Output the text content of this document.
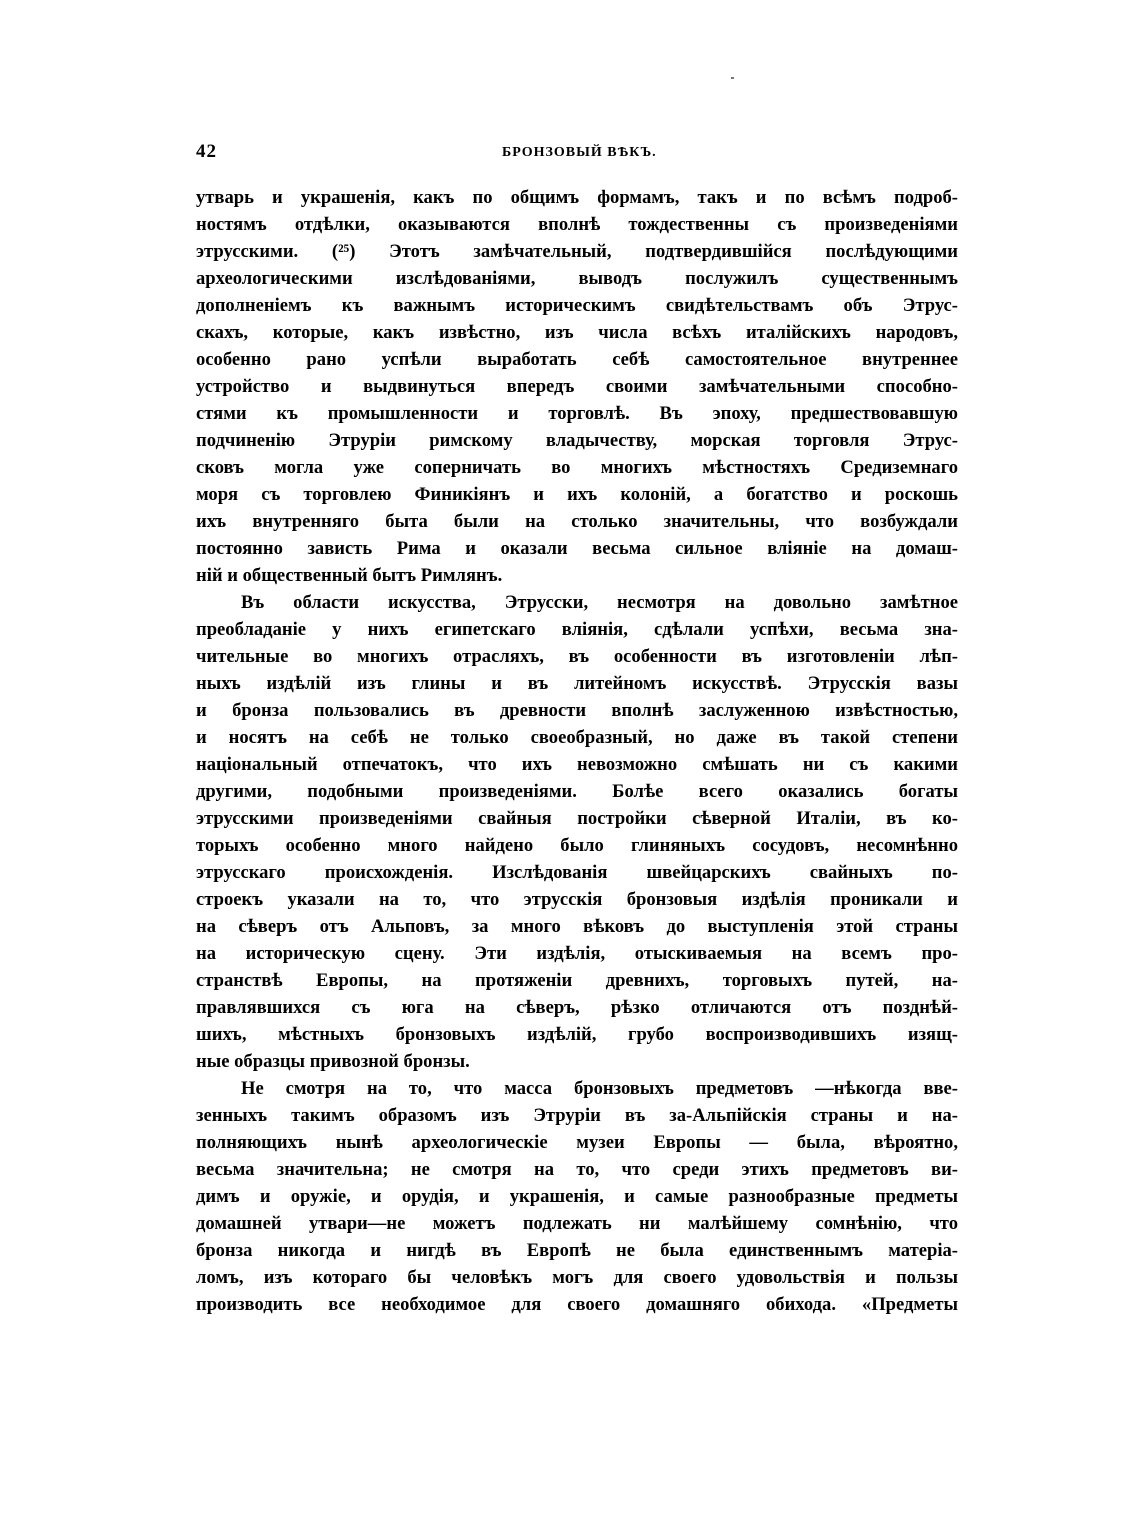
42	БРОНЗОВЫЙ ВѢКЪ.
утварь и украшенія, какъ по общимъ формамъ, такъ и по всѣмъ подроб-
ностямъ отдѣлки, оказываются вполнѣ тождественны съ произведеніями
этрусскими. (²⁵) Этотъ замѣчательный, подтвердившійся послѣдующими
археологическими изслѣдованіями, выводъ послужилъ существеннымъ
дополненіемъ къ важнымъ историческимъ свидѣтельствамъ объ Этрус-
скахъ, которые, какъ извѣстно, изъ числа всѣхъ италійскихъ народовъ,
особенно рано успѣли выработать себѣ самостоятельное внутреннее
устройство и выдвинуться впередъ своими замѣчательными способно-
стями къ промышленности и торговлѣ. Въ эпоху, предшествовавшую
подчиненію Этруріи римскому владычеству, морская торговля Этрус-
сковъ могла уже соперничать во многихъ мѣстностяхъ Средиземнаго
моря съ торговлею Финикіянъ и ихъ колоній, а богатство и роскошь
ихъ внутренняго быта были на столько значительны, что возбуждали
постоянно зависть Рима и оказали весьма сильное вліяніе на домаш-
ній и общественный бытъ Римлянъ.
Въ области искусства, Этрусски, несмотря на довольно замѣтное
преобладаніе у нихъ египетскаго вліянія, сдѣлали успѣхи, весьма зна-
чительные во многихъ отрасляхъ, въ особенности въ изготовленіи лѣп-
ныхъ издѣлій изъ глины и въ литейномъ искусствѣ. Этрусскія вазы
и бронза пользовались въ древности вполнѣ заслуженною извѣстностью,
и носятъ на себѣ не только своеобразный, но даже въ такой степени
національный отпечатокъ, что ихъ невозможно смѣшать ни съ какими
другими, подобными произведеніями. Болѣе всего оказались богаты
этрусскими произведеніями свайныя постройки сѣверной Италіи, въ ко-
торыхъ особенно много найдено было глиняныхъ сосудовъ, несомнѣнно
этрусскаго происхожденія. Изслѣдованія швейцарскихъ свайныхъ по-
строекъ указали на то, что этрусскія бронзовыя издѣлія проникали и
на сѣверъ отъ Альповъ, за много вѣковъ до выступленія этой страны
на историческую сцену. Эти издѣлія, отыскиваемыя на всемъ про-
странствѣ Европы, на протяженіи древнихъ, торговыхъ путей, на-
правлявшихся съ юга на сѣверъ, рѣзко отличаются отъ позднѣй-
шихъ, мѣстныхъ бронзовыхъ издѣлій, грубо воспроизводившихъ изящ-
ные образцы привозной бронзы.
Не смотря на то, что масса бронзовыхъ предметовъ —нѣкогда вве-
зенныхъ такимъ образомъ изъ Этруріи въ за-Альпійскія страны и на-
полняющихъ нынѣ археологическіе музеи Европы — была, вѣроятно,
весьма значительна; не смотря на то, что среди этихъ предметовъ ви-
димъ и оружіе, и орудія, и украшенія, и самые разнообразные предметы
домашней утвари—не можетъ подлежать ни малѣйшему сомнѣнію, что
бронза никогда и нигдѣ въ Европѣ не была единственнымъ матеріа-
ломъ, изъ котораго бы человѣкъ могъ для своего удовольствія и пользы
производить все необходимое для своего домашняго обихода. «Предметы
